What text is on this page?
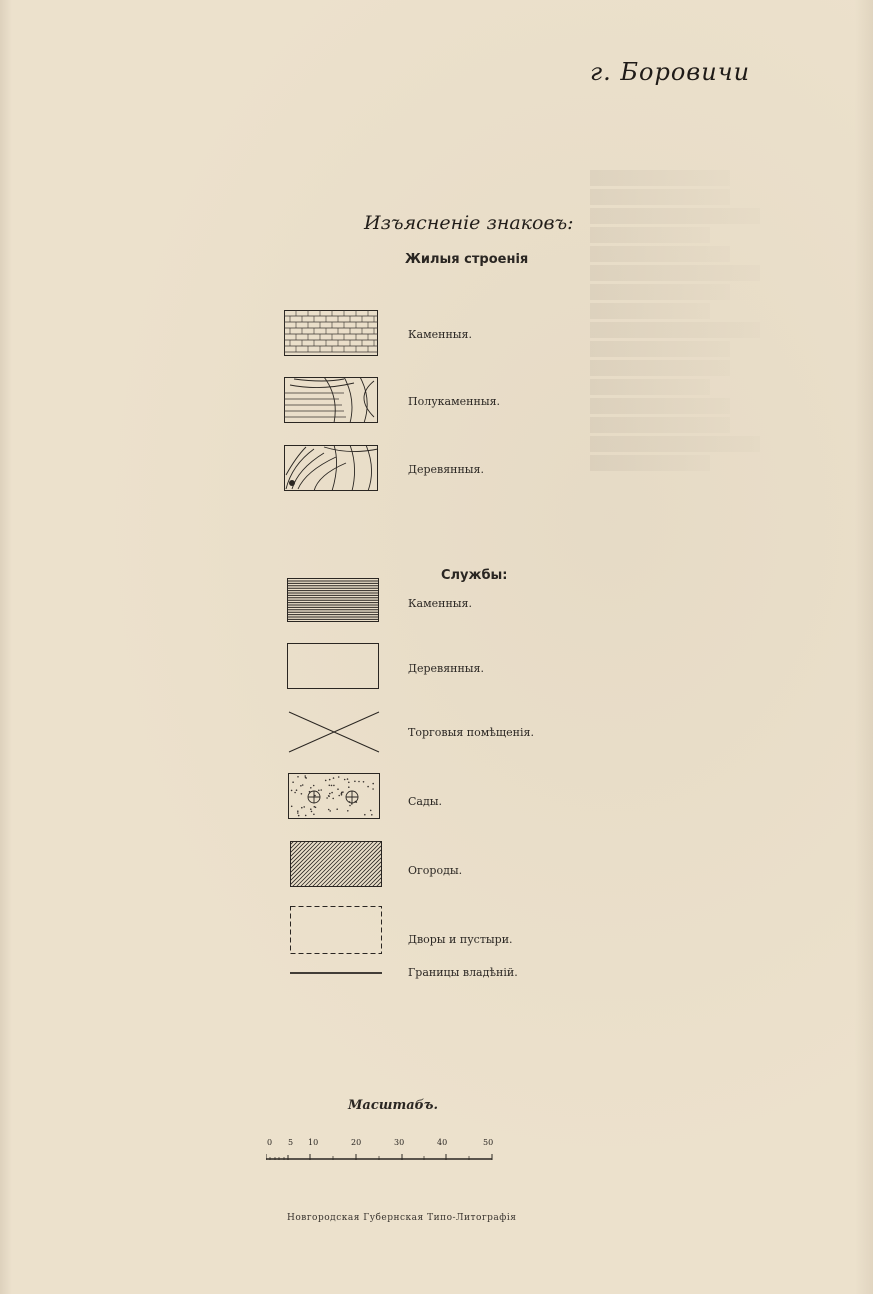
г. Боровичи
Изъясненіе знаковъ:
Жилыя строенія
Каменныя.
Полукаменныя.
Деревянныя.
Службы:
Каменныя.
Деревянныя.
Торговыя помѣщенія.
Сады.
Огороды.
Дворы и пустыри.
Границы владѣній.
Масштабъ.
0 5 10	20	30	40	50
Новгородская Губернская Типо-Литографія
